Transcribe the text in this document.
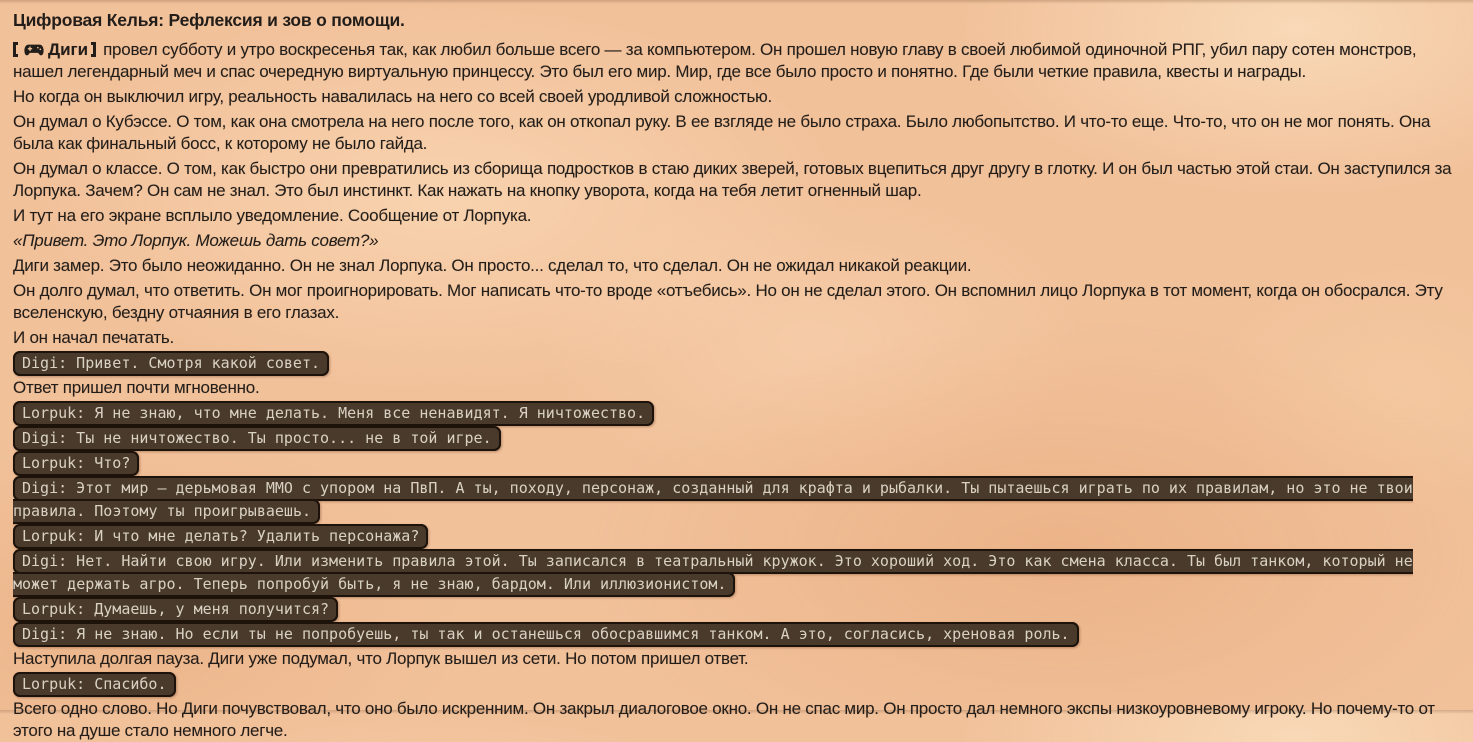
Цифровая Келья: Рефлексия и зов о помощи.

Диги провел субботу и утро воскресенья так, как любил больше всего — за компьютером. Он прошел новую главу в своей любимой одиночной РПГ, убил пару сотен монстров, нашел легендарный меч и спас очередную виртуальную принцессу. Это был его мир. Мир, где все было просто и понятно. Где были четкие правила, квесты и награды.

Но когда он выключил игру, реальность навалилась на него со всей своей уродливой сложностью.

Он думал о Кубэссе. О том, как она смотрела на него после того, как он откопал руку. В ее взгляде не было страха. Было любопытство. И что-то еще. Что-то, что он не мог понять. Она была как финальный босс, к которому не было гайда.

Он думал о классе. О том, как быстро они превратились из сборища подростков в стаю диких зверей, готовых вцепиться друг другу в глотку. И он был частью этой стаи. Он заступился за Лорпука. Зачем? Он сам не знал. Это был инстинкт. Как нажать на кнопку уворота, когда на тебя летит огненный шар.

И тут на его экране всплыло уведомление. Сообщение от Лорпука.

«Привет. Это Лорпук. Можешь дать совет?»

Диги замер. Это было неожиданно. Он не знал Лорпука. Он просто... сделал то, что сделал. Он не ожидал никакой реакции.

Он долго думал, что ответить. Он мог проигнорировать. Мог написать что-то вроде «отъебись». Но он не сделал этого. Он вспомнил лицо Лорпука в тот момент, когда он обосрался. Эту вселенскую, бездну отчаяния в его глазах.

И он начал печатать.

Digi: Привет. Смотря какой совет.

Ответ пришел почти мгновенно.

Lorpuk: Я не знаю, что мне делать. Меня все ненавидят. Я ничтожество.
Digi: Ты не ничтожество. Ты просто... не в той игре.
Lorpuk: Что?
Digi: Этот мир — дерьмовая ММО с упором на ПвП. А ты, походу, персонаж, созданный для крафта и рыбалки. Ты пытаешься играть по их правилам, но это не твои правила. Поэтому ты проигрываешь.
Lorpuk: И что мне делать? Удалить персонажа?
Digi: Нет. Найти свою игру. Или изменить правила этой. Ты записался в театральный кружок. Это хороший ход. Это как смена класса. Ты был танком, который не может держать агро. Теперь попробуй быть, я не знаю, бардом. Или иллюзионистом.
Lorpuk: Думаешь, у меня получится?
Digi: Я не знаю. Но если ты не попробуешь, ты так и останешься обосравшимся танком. А это, согласись, хреновая роль.

Наступила долгая пауза. Диги уже подумал, что Лорпук вышел из сети. Но потом пришел ответ.

Lorpuk: Спасибо.

Всего одно слово. Но Диги почувствовал, что оно было искренним. Он закрыл диалоговое окно. Он не спас мир. Он просто дал немного экспы низкоуровневому игроку. Но почему-то от этого на душе стало немного легче.
